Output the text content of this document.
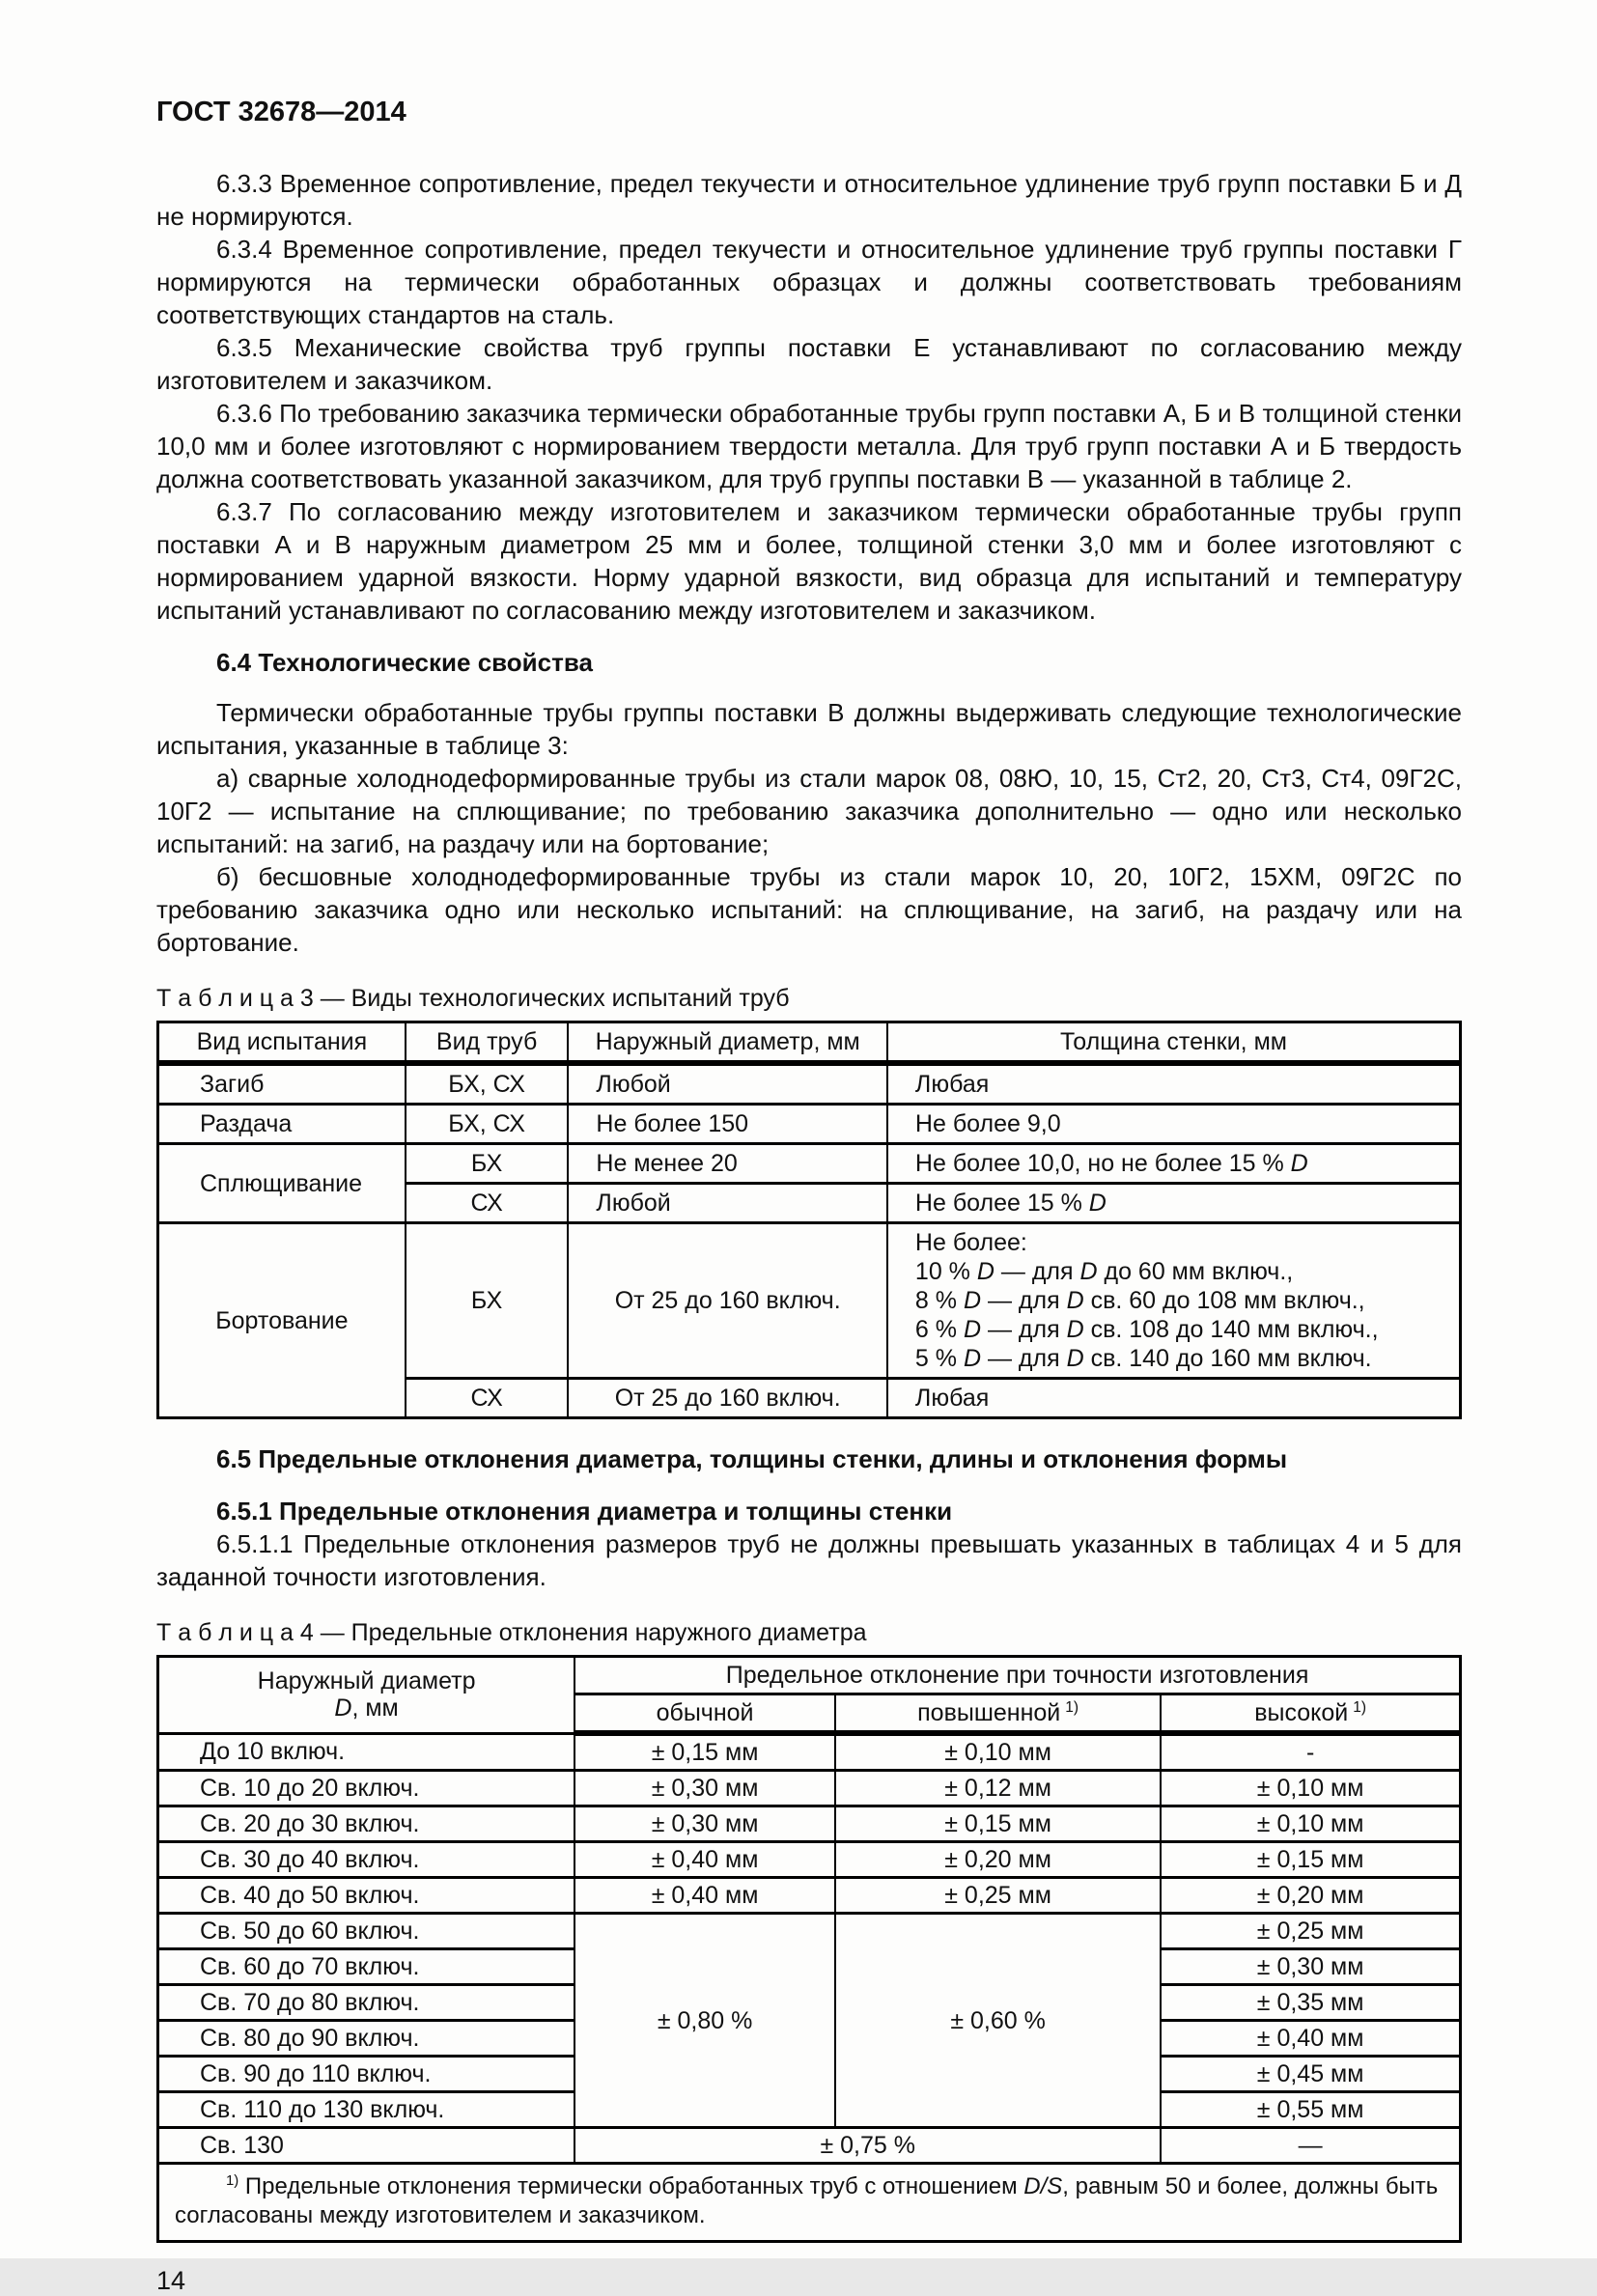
ГОСТ 32678—2014

6.3.3 Временное сопротивление, предел текучести и относительное удлинение труб групп поставки Б и Д не нормируются.

6.3.4 Временное сопротивление, предел текучести и относительное удлинение труб группы поставки Г нормируются на термически обработанных образцах и должны соответствовать требованиям соответствующих стандартов на сталь.

6.3.5 Механические свойства труб группы поставки Е устанавливают по согласованию между изготовителем и заказчиком.

6.3.6 По требованию заказчика термически обработанные трубы групп поставки А, Б и В толщиной стенки 10,0 мм и более изготовляют с нормированием твердости металла. Для труб групп поставки А и Б твердость должна соответствовать указанной заказчиком, для труб группы поставки В — указанной в таблице 2.

6.3.7 По согласованию между изготовителем и заказчиком термически обработанные трубы групп поставки А и В наружным диаметром 25 мм и более, толщиной стенки 3,0 мм и более изготовляют с нормированием ударной вязкости. Норму ударной вязкости, вид образца для испытаний и температуру испытаний устанавливают по согласованию между изготовителем и заказчиком.

6.4 Технологические свойства

Термически обработанные трубы группы поставки В должны выдерживать следующие технологические испытания, указанные в таблице 3:

а) сварные холоднодеформированные трубы из стали марок 08, 08Ю, 10, 15, Ст2, 20, Ст3, Ст4, 09Г2С, 10Г2 — испытание на сплющивание; по требованию заказчика дополнительно — одно или несколько испытаний: на загиб, на раздачу или на бортование;

б) бесшовные холоднодеформированные трубы из стали марок 10, 20, 10Г2, 15ХМ, 09Г2С по требованию заказчика одно или несколько испытаний: на сплющивание, на загиб, на раздачу или на бортование.

Т а б л и ц а 3 — Виды технологических испытаний труб
Вид испытания	Вид труб	Наружный диаметр, мм	Толщина стенки, мм
Загиб	БХ, СХ	Любой	Любая
Раздача	БХ, СХ	Не более 150	Не более 9,0
Сплющивание	БХ	Не менее 20	Не более 10,0, но не более 15 % D
	СХ	Любой	Не более 15 % D
Бортование	БХ	От 25 до 160 включ.	Не более:
10 % D — для D до 60 мм включ.,
8 % D — для D св. 60 до 108 мм включ.,
6 % D — для D св. 108 до 140 мм включ.,
5 % D — для D св. 140 до 160 мм включ.

	СХ	От 25 до 160 включ.	Любая

6.5 Предельные отклонения диаметра, толщины стенки, длины и отклонения формы

6.5.1 Предельные отклонения диаметра и толщины стенки

6.5.1.1 Предельные отклонения размеров труб не должны превышать указанных в таблицах 4 и 5 для заданной точности изготовления.

Т а б л и ц а 4 — Предельные отклонения наружного диаметра
Наружный диаметр
D, мм	Предельное отклонение при точности изготовления		
	обычной	повышенной $^{1)}$	высокой $^{1)}$
До 10 включ.	± 0,15 мм	± 0,10 мм	-
Св. 10 до 20 включ.	± 0,30 мм	± 0,12 мм	± 0,10 мм
Св. 20 до 30 включ.	± 0,30 мм	± 0,15 мм	± 0,10 мм
Св. 30 до 40 включ.	± 0,40 мм	± 0,20 мм	± 0,15 мм
Св. 40 до 50 включ.	± 0,40 мм	± 0,25 мм	± 0,20 мм
Св. 50 до 60 включ.	± 0,80 %	± 0,60 %	± 0,25 мм
Св. 60 до 70 включ.			± 0,30 мм
Св. 70 до 80 включ.			± 0,35 мм
Св. 80 до 90 включ.			± 0,40 мм
Св. 90 до 110 включ.			± 0,45 мм
Св. 110 до 130 включ.			± 0,55 мм
Св. 130	± 0,75 %		—
$^{1)}$ Предельные отклонения термически обработанных труб с отношением D/S, равным 50 и более, должны быть согласованы между изготовителем и заказчиком.			
14
